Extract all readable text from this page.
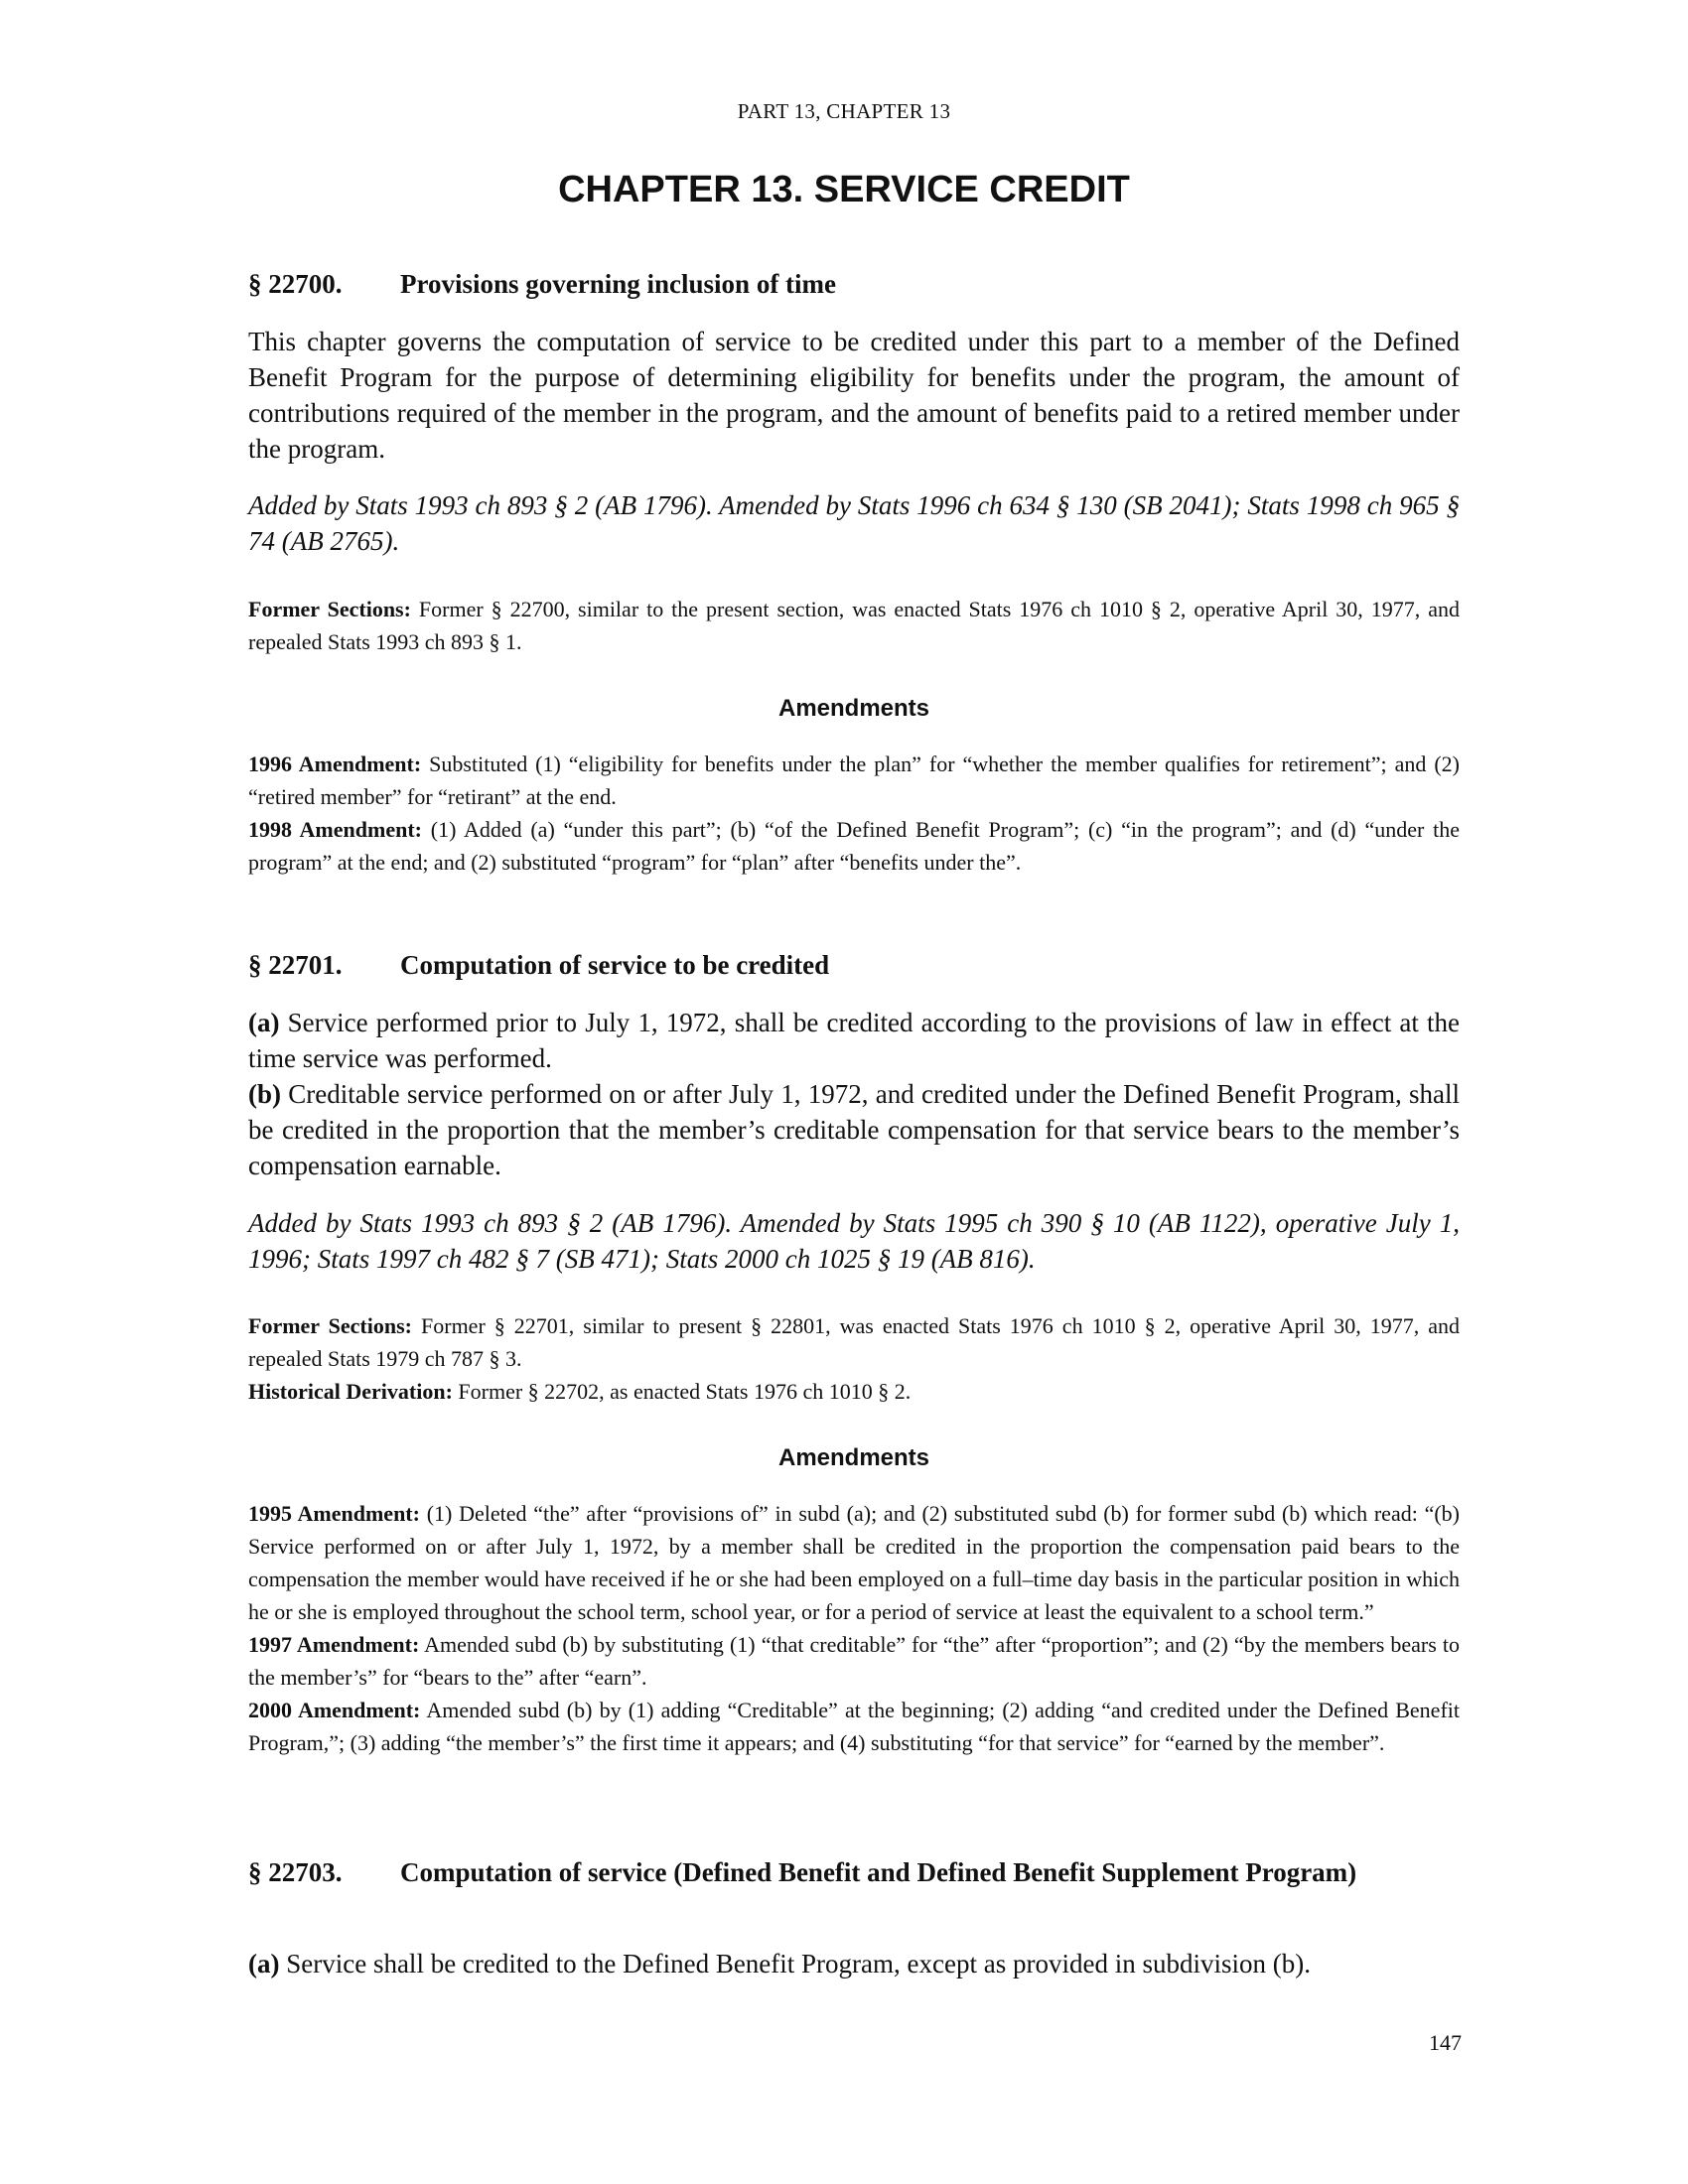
PART 13, CHAPTER 13
CHAPTER 13. SERVICE CREDIT
§ 22700.	Provisions governing inclusion of time

This chapter governs the computation of service to be credited under this part to a member of the Defined Benefit Program for the purpose of determining eligibility for benefits under the program, the amount of contributions required of the member in the program, and the amount of benefits paid to a retired member under the program.

Added by Stats 1993 ch 893 § 2 (AB 1796). Amended by Stats 1996 ch 634 § 130 (SB 2041); Stats 1998 ch 965 § 74 (AB 2765).

Former Sections: Former § 22700, similar to the present section, was enacted Stats 1976 ch 1010 § 2, operative April 30, 1977, and repealed Stats 1993 ch 893 § 1.

Amendments

1996 Amendment: Substituted (1) “eligibility for benefits under the plan” for “whether the member qualifies for retirement”; and (2) “retired member” for “retirant” at the end.

1998 Amendment: (1) Added (a) “under this part”; (b) “of the Defined Benefit Program”; (c) “in the program”; and (d) “under the program” at the end; and (2) substituted “program” for “plan” after “benefits under the”.

§ 22701.	Computation of service to be credited

(a) Service performed prior to July 1, 1972, shall be credited according to the provisions of law in effect at the time service was performed.

(b) Creditable service performed on or after July 1, 1972, and credited under the Defined Benefit Program, shall be credited in the proportion that the member’s creditable compensation for that service bears to the member’s compensation earnable.

Added by Stats 1993 ch 893 § 2 (AB 1796). Amended by Stats 1995 ch 390 § 10 (AB 1122), operative July 1, 1996; Stats 1997 ch 482 § 7 (SB 471); Stats 2000 ch 1025 § 19 (AB 816).

Former Sections: Former § 22701, similar to present § 22801, was enacted Stats 1976 ch 1010 § 2, operative April 30, 1977, and repealed Stats 1979 ch 787 § 3.

Historical Derivation: Former § 22702, as enacted Stats 1976 ch 1010 § 2.

Amendments

1995 Amendment: (1) Deleted “the” after “provisions of” in subd (a); and (2) substituted subd (b) for former subd (b) which read: “(b) Service performed on or after July 1, 1972, by a member shall be credited in the proportion the compensation paid bears to the compensation the member would have received if he or she had been employed on a full–time day basis in the particular position in which he or she is employed throughout the school term, school year, or for a period of service at least the equivalent to a school term.”

1997 Amendment: Amended subd (b) by substituting (1) “that creditable” for “the” after “proportion”; and (2) “by the members bears to the member’s” for “bears to the” after “earn”.

2000 Amendment: Amended subd (b) by (1) adding “Creditable” at the beginning; (2) adding “and credited under the Defined Benefit Program,”; (3) adding “the member’s” the first time it appears; and (4) substituting “for that service” for “earned by the member”.

§ 22703.	Computation of service (Defined Benefit and Defined Benefit Supplement Program)

(a) Service shall be credited to the Defined Benefit Program, except as provided in subdivision (b).

147
